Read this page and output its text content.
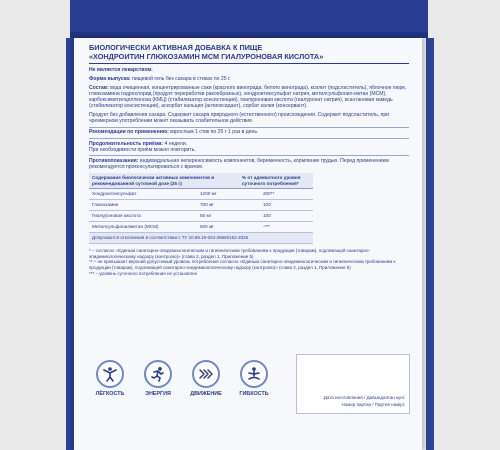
БИОЛОГИЧЕСКИ АКТИВНАЯ ДОБАВКА К ПИЩЕ
«ХОНДРОИТИН ГЛЮКОЗАМИН МСМ ГИАЛУРОНОВАЯ КИСЛОТА»

Не является лекарством.

Форма выпуска: пищевой гель без сахара в стиках по 25 г.

Состав: вода очищенная, концентрированные соки (красного винограда, белого винограда), ксилит (подсластитель), яблочное пюре, глюкозамина гидрохлорид (продукт переработки ракообразных), хондроитинсульфат натрия, метилсульфонил-метан (МСМ), карбоксиметилцеллюлоза (КМЦ) (стабилизатор консистенции), гиалуроновая кислота (гиалуронат натрия), ксантановая камедь (стабилизатор консистенции), аскорбат кальция (антиоксидант), сорбат калия (консервант).

Продукт без добавления сахара. Содержит сахара природного (естественного) происхождения. Содержит подсластитель, при чрезмерном употреблении может оказывать слабительное действие.

Рекомендации по применению: взрослым 1 стик по 25 г 1 раз в день.

Продолжительность приёма: 4 недели.

При необходимости приём можно повторить.

Противопоказания: индивидуальная непереносимость компонентов, беременность, кормление грудью. Перед применением рекомендуется проконсультироваться с врачом.

Содержание биологически активных компонентов в рекомендованной суточной дозе (25 г)		% от адекватного уровня суточного потребления*
Хондроитинсульфат	1200 мг	200**
Глюкозамин	700 мг	100
Гиалуроновая кислота	50 мг	100
Метилсульфонилметан (МСМ)	500 мг	-***
Допускаются отклонения в соответствии с ТУ 10.89.19-024-28660152-2025		

* – согласно «Единым санитарно-эпидемиологическим и гигиеническим требованиям к продукции (товарам), подлежащей санитарно-эпидемиологическому надзору (контролю)» (глава 2, раздел 1, Приложение 5)

** – не превышает верхний допустимый уровень потребления согласно «Единым санитарно-эпидемиологическим и гигиеническим требованиям к продукции (товарам), подлежащей санитарно-эпидемиологическому надзору (контролю)» (глава 2, раздел 1, Приложение 5)

*** – уровень суточного потребления не установлен

ЛЁГКОСТЬ	ЭНЕРГИЯ	ДВИЖЕНИЕ	ГИБКОСТЬ
Дата изготовления / Дайындалған күні:
Номер партии / Партия нөмірі:
